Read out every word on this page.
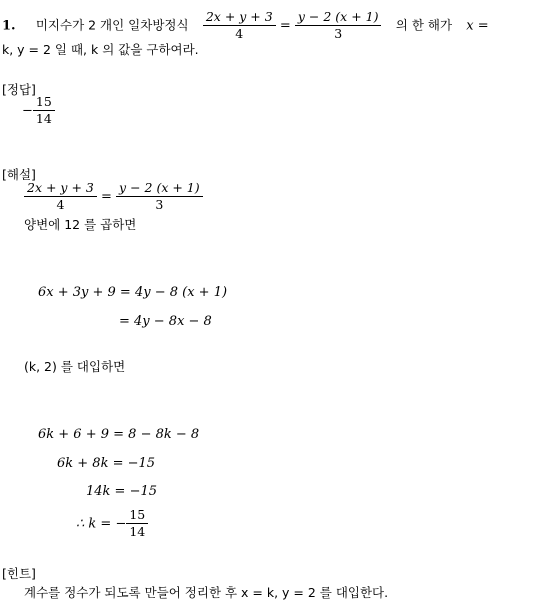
1. 미지수가 2 개인 일차방정식 $\frac{2x + y + 3}{4} = \frac{y - 2 (x + 1)}{3}$ 의 한 해가 x =
k, y = 2 일 때, k 의 값을 구하여라.
[정답]
− $\frac{15}{14}$
[해설]
$\frac{2x + y + 3}{4} = \frac{y - 2 (x + 1)}{3}$
양변에 12 를 곱하면
6x + 3y + 9 = 4y − 8 (x + 1)
= 4y − 8x − 8
(k, 2) 를 대입하면
6k + 6 + 9 = 8 − 8k − 8
6k + 8k = −15
14k = −15
∴ k = − $\frac{15}{14}$
[힌트]
계수를 정수가 되도록 만들어 정리한 후 x = k, y = 2 를 대입한다.
